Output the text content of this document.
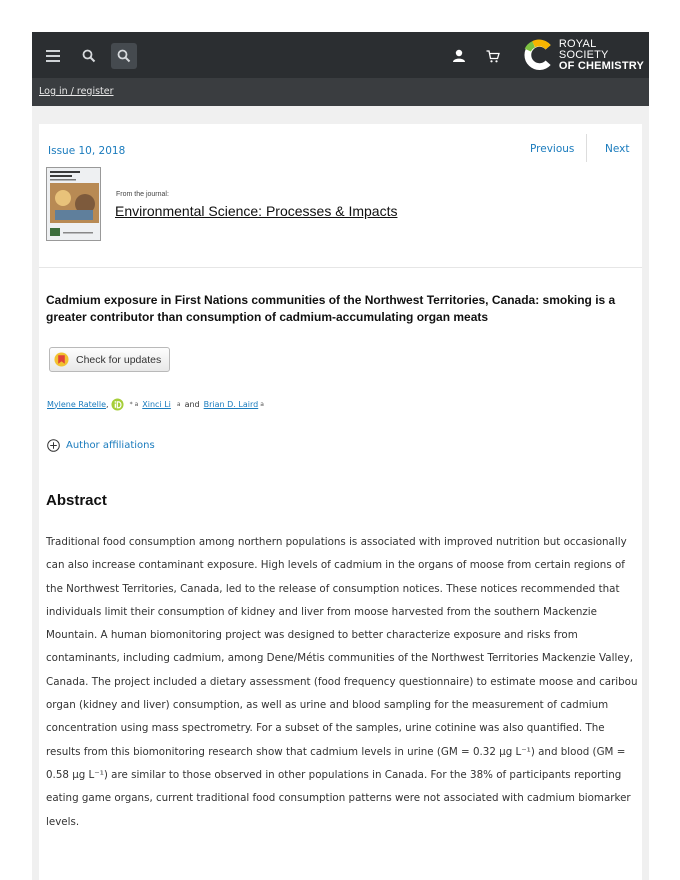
ROYAL SOCIETY
OF CHEMISTRY
Log in / register
Issue 10, 2018	Previous	Next
From the journal:
Environmental Science: Processes & Impacts
Cadmium exposure in First Nations communities of the Northwest Territories, Canada: smoking is a greater contributor than consumption of cadmium-accumulating organ meats
Check for updates
Mylene Ratelle ,	* a Xinci Li a and Brian D. Laird a
Author affiliations
Abstract

Traditional food consumption among northern populations is associated with improved nutrition but occasionally can also increase contaminant exposure. High levels of cadmium in the organs of moose from certain regions of the Northwest Territories, Canada, led to the release of consumption notices. These notices recommended that individuals limit their consumption of kidney and liver from moose harvested from the southern Mackenzie Mountain. A human biomonitoring project was designed to better characterize exposure and risks from contaminants, including cadmium, among Dene/Métis communities of the Northwest Territories Mackenzie Valley, Canada. The project included a dietary assessment (food frequency questionnaire) to estimate moose and caribou organ (kidney and liver) consumption, as well as urine and blood sampling for the measurement of cadmium concentration using mass spectrometry. For a subset of the samples, urine cotinine was also quantified. The results from this biomonitoring research show that cadmium levels in urine (GM = 0.32 µg L⁻¹) and blood (GM = 0.58 µg L⁻¹) are similar to those observed in other populations in Canada. For the 38% of participants reporting eating game organs, current traditional food consumption patterns were not associated with cadmium biomarker levels.
